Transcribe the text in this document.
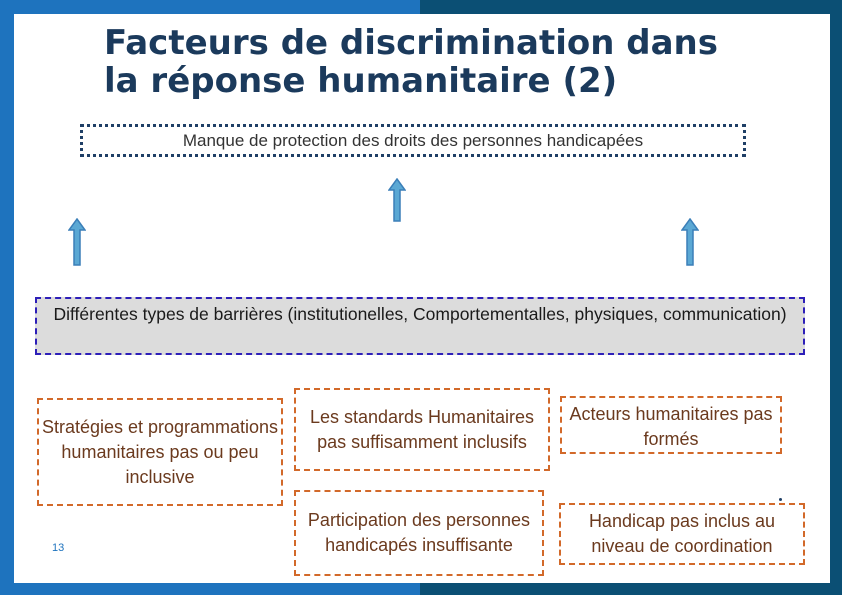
Facteurs de discrimination dans
la réponse humanitaire (2)
Manque de protection des droits des personnes handicapées
Différentes types de barrières (institutionelles, Comportementalles, physiques, communication)
Stratégies et programmations humanitaires pas ou peu inclusive
Les standards Humanitaires pas suffisamment inclusifs
Acteurs humanitaires pas formés
Participation des personnes handicapés insuffisante
Handicap pas inclus au niveau de coordination
13
